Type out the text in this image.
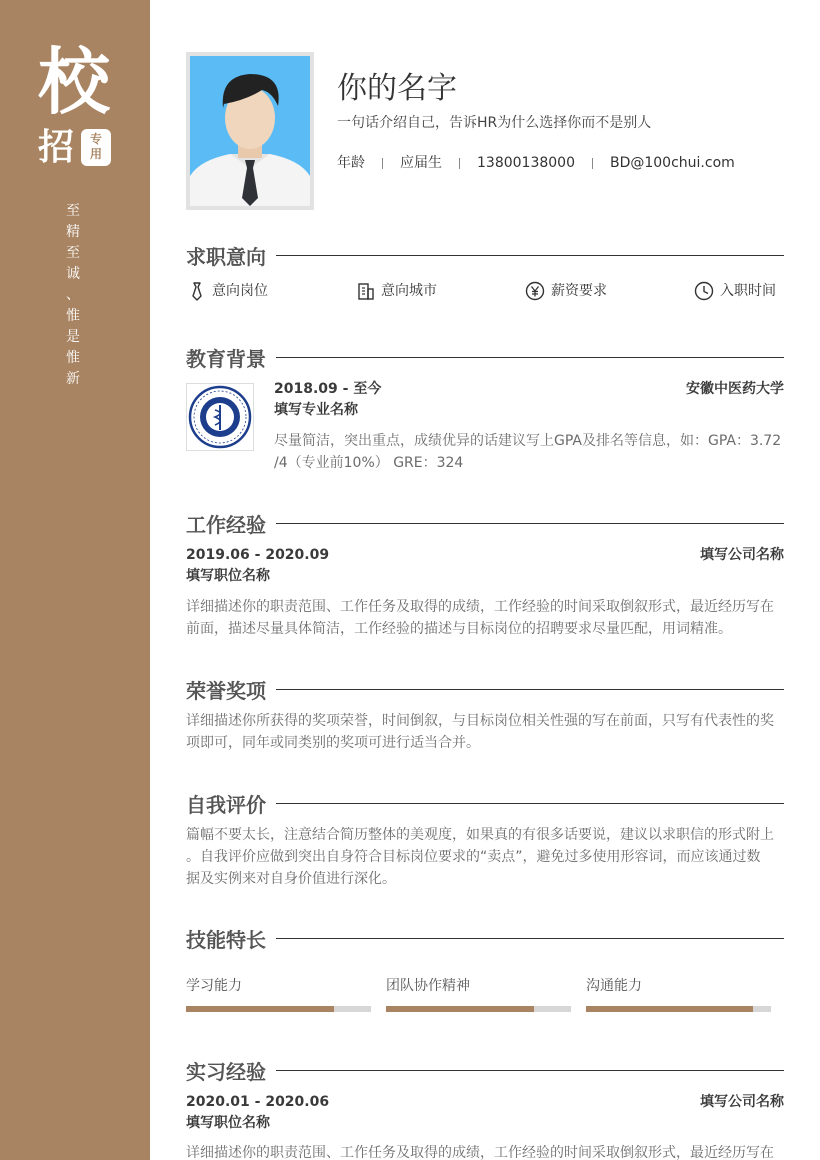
校
招	专
用
至
精
至
诚
、
惟
是
惟
新
你的名字
一句话介绍自己，告诉HR为什么选择你而不是别人
年龄	应届生	13800138000	BD@100chui.com
求职意向
意向岗位	意向城市	薪资要求	入职时间
教育背景
2018.09 - 至今	安徽中医药大学
填写专业名称
尽量简洁，突出重点，成绩优异的话建议写上GPA及排名等信息，如：GPA：3.72
/4（专业前10%） GRE：324
工作经验
2019.06 - 2020.09	填写公司名称
填写职位名称
详细描述你的职责范围、工作任务及取得的成绩，工作经验的时间采取倒叙形式，最近经历写在
前面，描述尽量具体简洁，工作经验的描述与目标岗位的招聘要求尽量匹配，用词精准。
荣誉奖项
详细描述你所获得的奖项荣誉，时间倒叙，与目标岗位相关性强的写在前面，只写有代表性的奖
项即可，同年或同类别的奖项可进行适当合并。
自我评价
篇幅不要太长，注意结合简历整体的美观度，如果真的有很多话要说，建议以求职信的形式附上
。自我评价应做到突出自身符合目标岗位要求的“卖点”，避免过多使用形容词，而应该通过数
据及实例来对自身价值进行深化。
技能特长
学习能力	团队协作精神	沟通能力
实习经验
2020.01 - 2020.06	填写公司名称
填写职位名称
详细描述你的职责范围、工作任务及取得的成绩，工作经验的时间采取倒叙形式，最近经历写在
